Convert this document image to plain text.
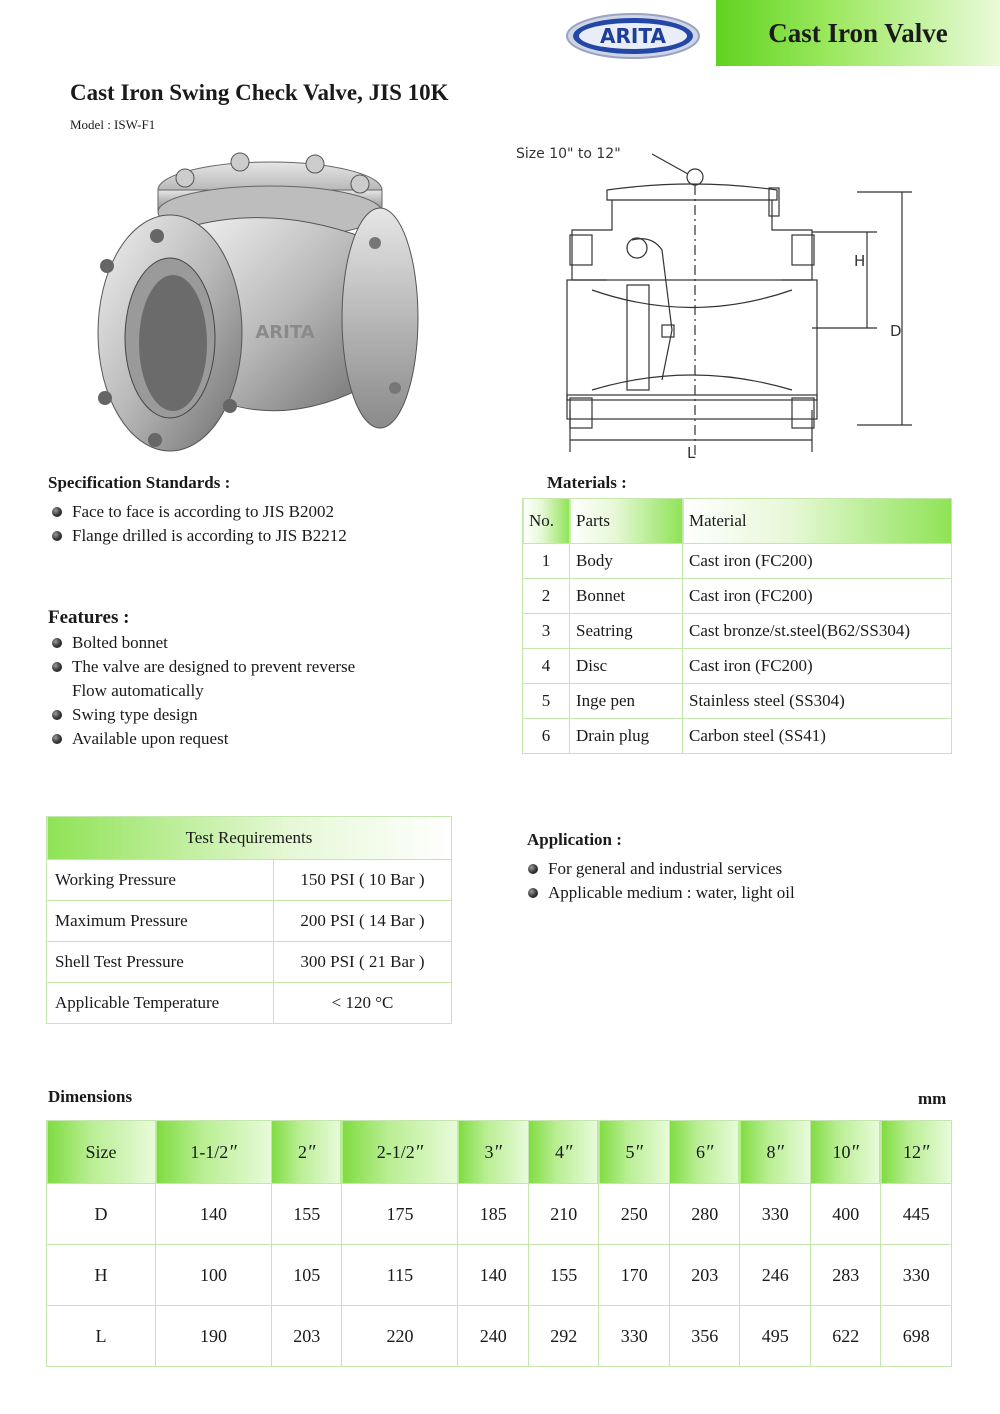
ARITA	Cast Iron Valve
Cast Iron Swing Check Valve, JIS 10K
Model : ISW-F1
ARITA
Size 10" to 12"
H
D
L
Specification Standards :
Face to face is according to JIS B2002
Flange drilled is according to JIS B2212
Features :
Bolted bonnet
The valve are designed to prevent reverse
Flow automatically
Swing type design
Available upon request
Materials :
No.	Parts	Material
1	Body	Cast iron (FC200)
2	Bonnet	Cast iron (FC200)
3	Seatring	Cast bronze/st.steel(B62/SS304)
4	Disc	Cast iron (FC200)
5	Inge pen	Stainless steel (SS304)
6	Drain plug	Carbon steel (SS41)
Test Requirements	
Working Pressure	150 PSI ( 10 Bar )
Maximum Pressure	200 PSI ( 14 Bar )
Shell Test Pressure	300 PSI ( 21 Bar )
Applicable Temperature	< 120 °C
Application :
For general and industrial services
Applicable medium : water, light oil
Dimensions	mm
Size	1-1/2″	2″	2-1/2″	3″	4″	5″	6″	8″	10″	12″
D	140	155	175	185	210	250	280	330	400	445
H	100	105	115	140	155	170	203	246	283	330
L	190	203	220	240	292	330	356	495	622	698
